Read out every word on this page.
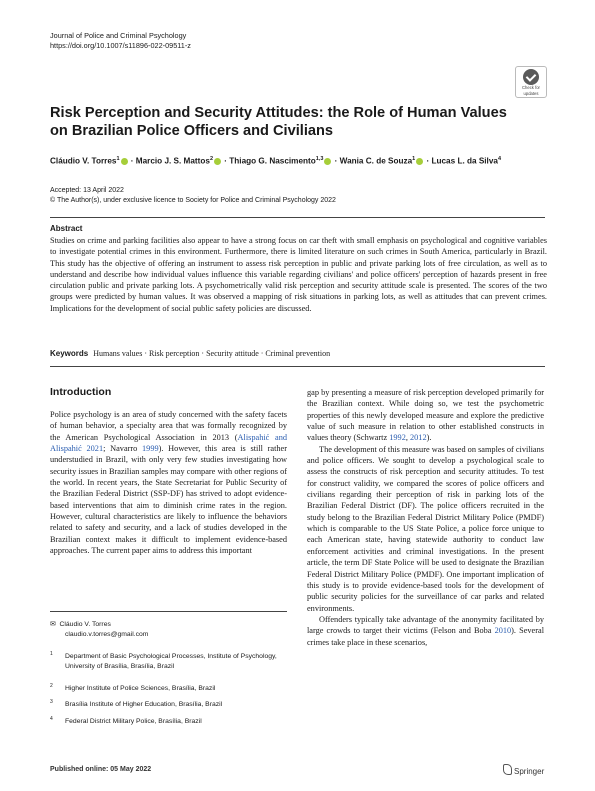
Journal of Police and Criminal Psychology
https://doi.org/10.1007/s11896-022-09511-z
Check for
updates
Risk Perception and Security Attitudes: the Role of Human Values
on Brazilian Police Officers and Civilians
Cláudio V. Torres$^1$ · Marcio J. S. Mattos$^2$ · Thiago G. Nascimento$^{1,3}$ · Wania C. de Souza$^1$ · Lucas L. da Silva$^4$
Accepted: 13 April 2022
© The Author(s), under exclusive licence to Society for Police and Criminal Psychology 2022
Abstract

Studies on crime and parking facilities also appear to have a strong focus on car theft with small emphasis on psychological and cognitive variables to investigate potential crimes in this environment. Furthermore, there is limited literature on such crimes in South America, particularly in Brazil. This study has the objective of offering an instrument to assess risk perception in public and private parking lots of free circulation, as well as to understand and describe how individual values influence this variable regarding civilians' and police officers' perception of hazards present in free circulation public and private parking lots. A psychometrically valid risk perception and security attitude scale is presented. The scores of the two groups were predicted by human values. It was observed a mapping of risk situations in parking lots, as well as attitudes that can prevent crimes. Implications for the development of social public safety policies are discussed.

Keywords Humans values · Risk perception · Security attitude · Criminal prevention
Introduction

Police psychology is an area of study concerned with the safety facets of human behavior, a specialty area that was formally recognized by the American Psychological Association in 2013 (Alispahić and Alispahić 2021; Navarro 1999). However, this area is still rather understudied in Brazil, with only very few studies investigating how security issues in Brazilian samples may compare with other regions of the world. In recent years, the State Secretariat for Public Security of the Brazilian Federal District (SSP-DF) has strived to adopt evidence-based interventions that aim to diminish crime rates in the region. However, cultural characteristics are likely to influence the behaviors related to safety and security, and a lack of studies developed in the Brazilian context makes it difficult to implement evidence-based approaches. The current paper aims to address this important

✉ Cláudio V. Torres
claudio.v.torres@gmail.com
1 Department of Basic Psychological Processes, Institute of Psychology, University of Brasília, Brasília, Brazil
2 Higher Institute of Police Sciences, Brasília, Brazil
3 Brasília Institute of Higher Education, Brasília, Brazil
4 Federal District Military Police, Brasília, Brazil

gap by presenting a measure of risk perception developed primarily for the Brazilian context. While doing so, we test the psychometric properties of this newly developed measure and explore the predictive value of such measure in relation to other established constructs in values theory (Schwartz 1992, 2012).

The development of this measure was based on samples of civilians and police officers. We sought to develop a psychological scale to assess the constructs of risk perception and security attitudes. To test for construct validity, we compared the scores of police officers and civilians regarding their perception of risk in parking lots of the Brazilian Federal District (DF). The police officers recruited in the study belong to the Brazilian Federal District Military Police (PMDF) which is comparable to the US State Police, a police force unique to each American state, having statewide authority to conduct law enforcement activities and criminal investigations. In the present article, the term DF State Police will be used to designate the Brazilian Federal District Military Police (PMDF). One important implication of this study is to provide evidence-based tools for the development of public security policies for the surveillance of car parks and related environments.

Offenders typically take advantage of the anonymity facilitated by large crowds to target their victims (Felson and Boba 2010). Several crimes take place in these scenarios,

Published online: 05 May 2022	Springer
